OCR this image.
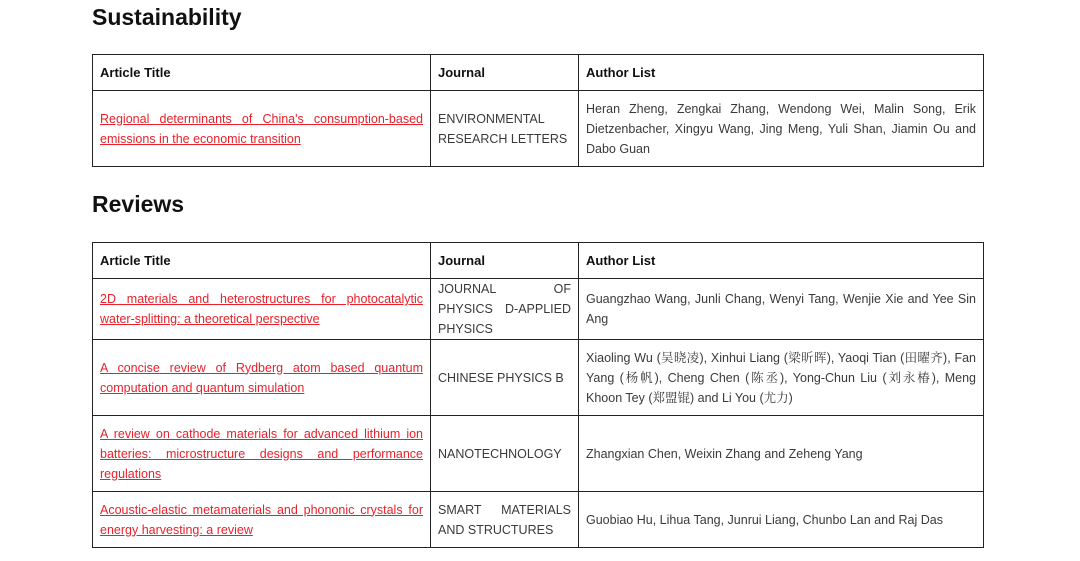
Sustainability
Article Title	Journal	Author List
Regional determinants of China's consumption-based emissions in the economic transition	ENVIRONMENTAL RESEARCH LETTERS	Heran Zheng, Zengkai Zhang, Wendong Wei, Malin Song, Erik Dietzenbacher, Xingyu Wang, Jing Meng, Yuli Shan, Jiamin Ou and Dabo Guan
Reviews
Article Title	Journal	Author List
2D materials and heterostructures for photocatalytic water-splitting: a theoretical perspective	JOURNAL OF PHYSICS D-APPLIED PHYSICS	Guangzhao Wang, Junli Chang, Wenyi Tang, Wenjie Xie and Yee Sin Ang
A concise review of Rydberg atom based quantum computation and quantum simulation	CHINESE PHYSICS B	Xiaoling Wu (吴晓凌), Xinhui Liang (梁昕晖), Yaoqi Tian (田曜齐), Fan Yang (杨帆), Cheng Chen (陈丞), Yong-Chun Liu (刘永椿), Meng Khoon Tey (郑盟锟) and Li You (尤力)
A review on cathode materials for advanced lithium ion batteries: microstructure designs and performance regulations	NANOTECHNOLOGY	Zhangxian Chen, Weixin Zhang and Zeheng Yang
Acoustic-elastic metamaterials and phononic crystals for energy harvesting: a review	SMART MATERIALS AND STRUCTURES	Guobiao Hu, Lihua Tang, Junrui Liang, Chunbo Lan and Raj Das
